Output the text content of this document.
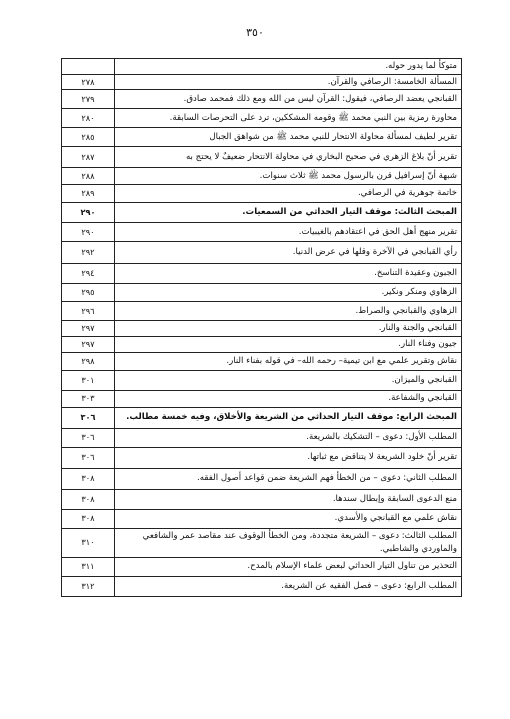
٣٥٠
متوكأ لما يدور حوله.	
المسألة الخامسة: الرصافي والقرآن.	٢٧٨
القبانجي يعضد الرصافي، فيقول: القرآن ليس من الله ومع ذلك فمحمد صادق.	٢٧٩
محاورة رمزية بين النبي محمد ﷺ وقومه المشككين، ترد على التحرصات السابقة.	٢٨٠
تقرير لطيف لمسألة محاولة الانتحار للنبي محمد ﷺ من شواهق الجبال	٢٨٥
تقرير أنّ بلاغ الزهري في صحيح البخاري في محاولة الانتحار ضعيفٌ لا يحتج به	٢٨٧
شبهة أنّ إسرافيل قرن بالرسول محمد ﷺ ثلاث سنوات.	٢٨٨
خاتمة جوهرية في الرصافي.	٢٨٩
المبحث الثالث: موقف التيار الحداثي من السمعيات.	٢٩٠
تقرير منهج أهل الحق في اعتقادهم بالغيبيات.	٢٩٠
رأي القبانجي في الآخرة وقلها في عرض الدنيا.	٢٩٢
الجبون وعقيدة التناسخ.	٢٩٤
الزهاوي ومنكر ونكير.	٢٩٥
الزهاوي والقبانجي والصراط.	٢٩٦
القبانجي والجنة والنار.	٢٩٧
جيون وفناء النار.	٢٩٧
نقاش وتقرير علمي مع ابن تيمية– رحمه الله– في قوله بفناء النار.	٢٩٨
القبانجي والميزان.	٣٠١
القبانجي والشفاعة.	٣٠٣
المبحث الرابع: موقف التيار الحداثي من الشريعة والأخلاق، وفيه خمسة مطالب.	٣٠٦
المطلب الأول: دعوى – التشكيك بالشريعة.	٣٠٦
تقرير أنّ خلود الشريعة لا يتناقض مع ثباتها.	٣٠٦
المطلب الثاني: دعوى – من الخطأ فهم الشريعة ضمن قواعد أصول الفقه.	٣٠٨
منع الدعوى السابقة وإبطال سندها.	٣٠٨
نقاش علمي مع القبانجي والأسدي.	٣٠٨
المطلب الثالث: دعوى – الشريعة متجددة، ومن الخطأ الوقوف عند مقاصد عمر والشافعي والماوردي والشاطبي.	٣١٠
التحذير من تناول التيار الحداثي لبعض علماء الإسلام بالمدح.	٣١١
المطلب الرابع: دعوى – فصل الفقيه عن الشريعة.	٣١٢
